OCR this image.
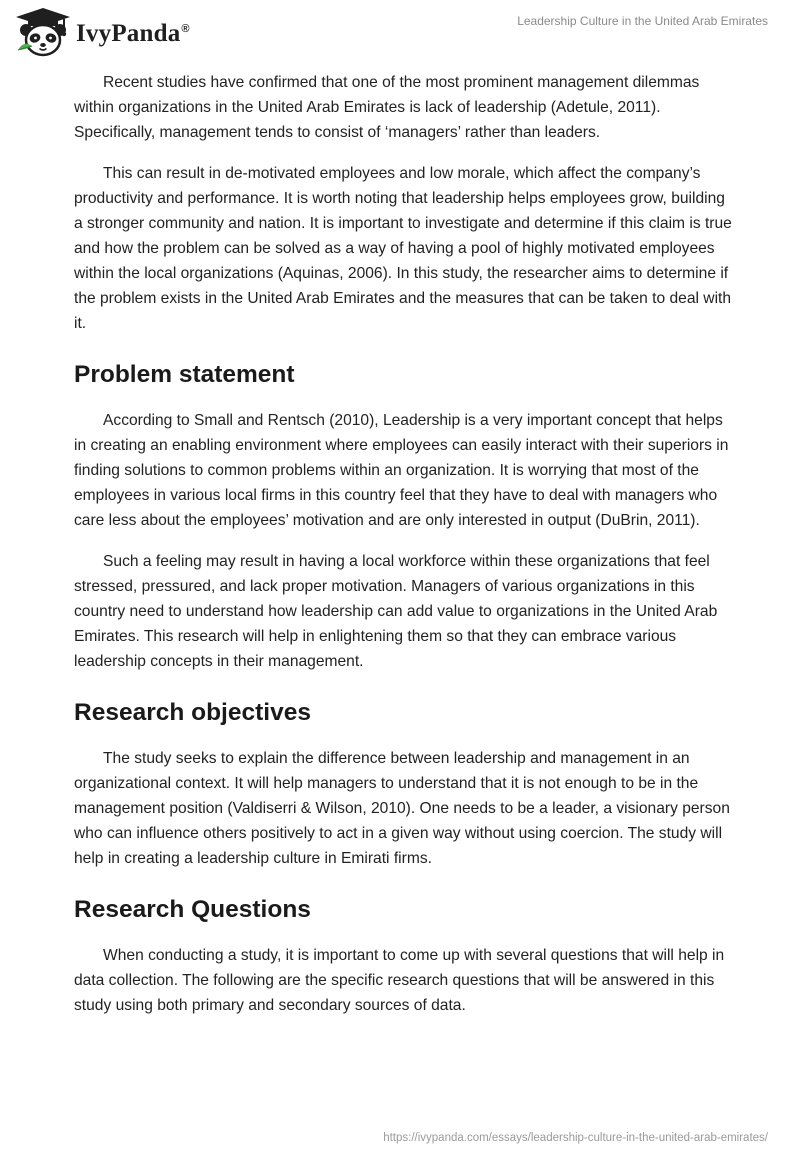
IvyPanda®
Leadership Culture in the United Arab Emirates

Recent studies have confirmed that one of the most prominent management dilemmas within organizations in the United Arab Emirates is lack of leadership (Adetule, 2011). Specifically, management tends to consist of ‘managers’ rather than leaders.

This can result in de-motivated employees and low morale, which affect the company’s productivity and performance. It is worth noting that leadership helps employees grow, building a stronger community and nation. It is important to investigate and determine if this claim is true and how the problem can be solved as a way of having a pool of highly motivated employees within the local organizations (Aquinas, 2006). In this study, the researcher aims to determine if the problem exists in the United Arab Emirates and the measures that can be taken to deal with it.

Problem statement

According to Small and Rentsch (2010), Leadership is a very important concept that helps in creating an enabling environment where employees can easily interact with their superiors in finding solutions to common problems within an organization. It is worrying that most of the employees in various local firms in this country feel that they have to deal with managers who care less about the employees’ motivation and are only interested in output (DuBrin, 2011).

Such a feeling may result in having a local workforce within these organizations that feel stressed, pressured, and lack proper motivation. Managers of various organizations in this country need to understand how leadership can add value to organizations in the United Arab Emirates. This research will help in enlightening them so that they can embrace various leadership concepts in their management.

Research objectives

The study seeks to explain the difference between leadership and management in an organizational context. It will help managers to understand that it is not enough to be in the management position (Valdiserri & Wilson, 2010). One needs to be a leader, a visionary person who can influence others positively to act in a given way without using coercion. The study will help in creating a leadership culture in Emirati firms.

Research Questions

When conducting a study, it is important to come up with several questions that will help in data collection. The following are the specific research questions that will be answered in this study using both primary and secondary sources of data.

https://ivypanda.com/essays/leadership-culture-in-the-united-arab-emirates/
